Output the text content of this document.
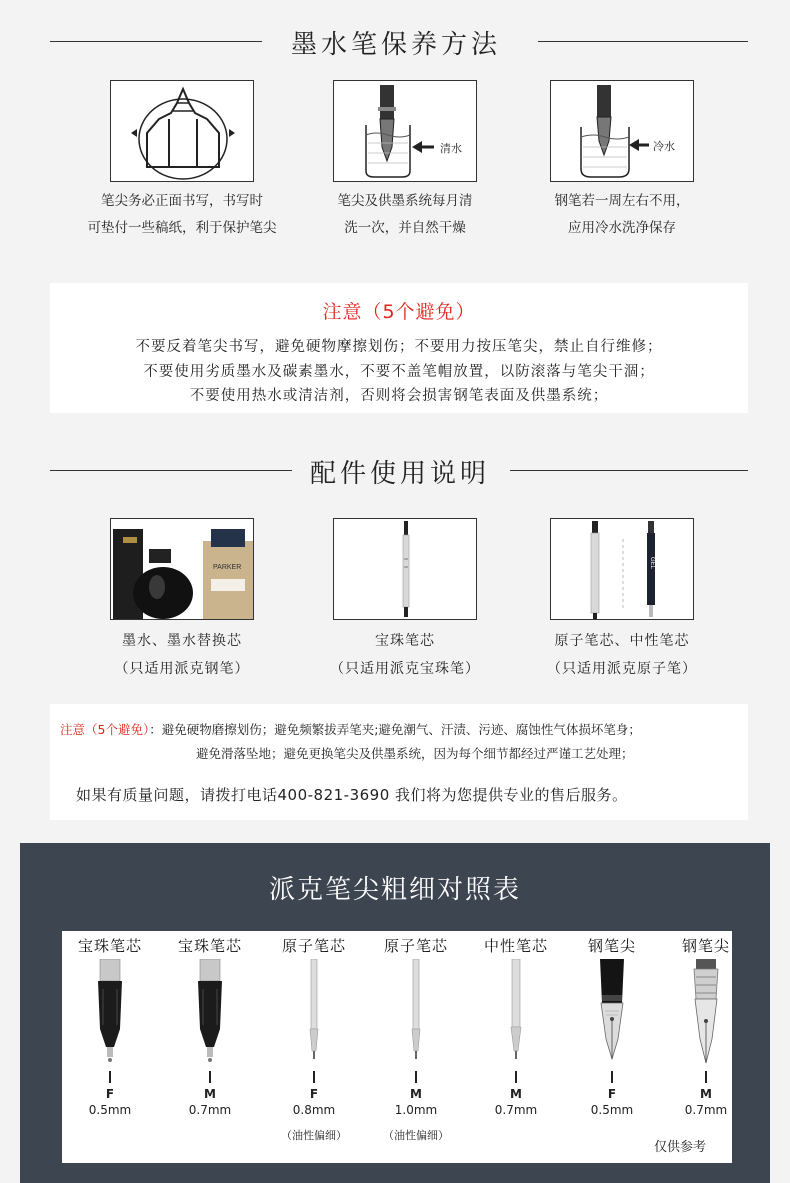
墨水笔保养方法
笔尖务必正面书写，书写时
可垫付一些稿纸，利于保护笔尖
清水
笔尖及供墨系统每月清
洗一次，并自然干燥
冷水
钢笔若一周左右不用，
应用冷水洗净保存
注意（5个避免）
不要反着笔尖书写，避免硬物摩擦划伤；不要用力按压笔尖，禁止自行维修；
不要使用劣质墨水及碳素墨水，不要不盖笔帽放置，以防滚落与笔尖干涸；
不要使用热水或清洁剂，否则将会损害钢笔表面及供墨系统；
配件使用说明
PARKER
墨水、墨水替换芯
（只适用派克钢笔）
宝珠笔芯
（只适用派克宝珠笔）
GEL
原子笔芯、中性笔芯
（只适用派克原子笔）
注意（5个避免）：避免硬物磨擦划伤；避免频繁拔弄笔夹;避免潮气、汗渍、污迹、腐蚀性气体损坏笔身；
避免滑落坠地；避免更换笔尖及供墨系统，因为每个细节都经过严谨工艺处理；
如果有质量问题，请拨打电话400-821-3690 我们将为您提供专业的售后服务。
派克笔尖粗细对照表
宝珠笔芯
F
0.5mm
宝珠笔芯
M
0.7mm
原子笔芯
F
0.8mm
（油性偏细）
原子笔芯
M
1.0mm
（油性偏细）
中性笔芯
M
0.7mm
钢笔尖
F
0.5mm
钢笔尖
M
0.7mm
仅供参考
